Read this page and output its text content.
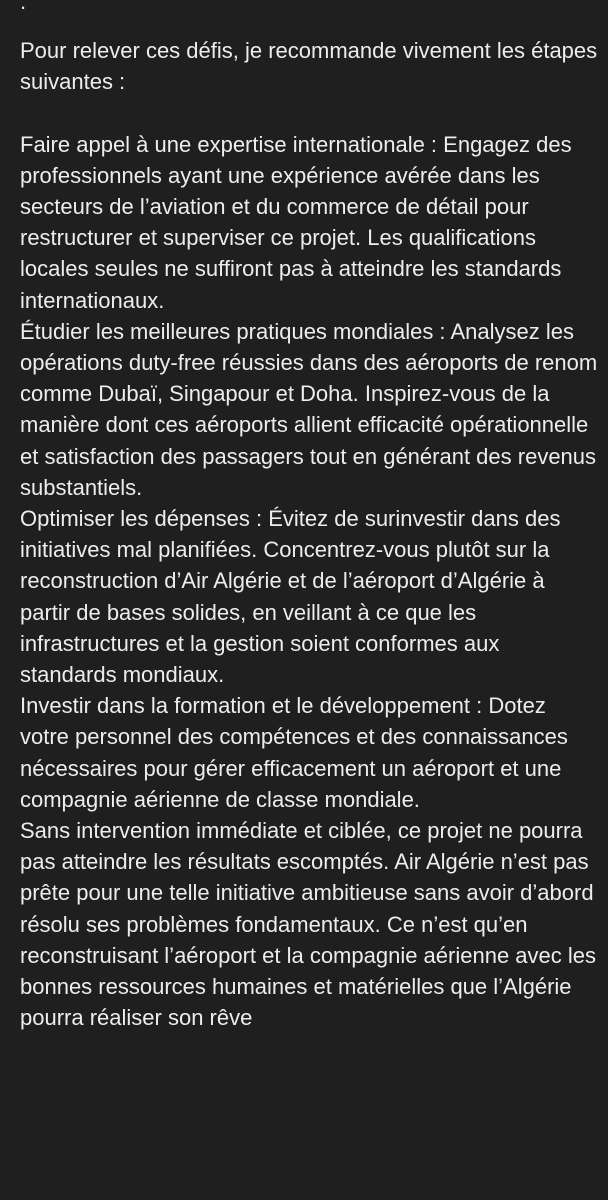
.

Pour relever ces défis, je recommande vivement les étapes suivantes :

Faire appel à une expertise internationale : Engagez des professionnels ayant une expérience avérée dans les secteurs de l’aviation et du commerce de détail pour restructurer et superviser ce projet. Les qualifications locales seules ne suffiront pas à atteindre les standards internationaux.

Étudier les meilleures pratiques mondiales : Analysez les opérations duty-free réussies dans des aéroports de renom comme Dubaï, Singapour et Doha. Inspirez-vous de la manière dont ces aéroports allient efficacité opérationnelle et satisfaction des passagers tout en générant des revenus substantiels.

Optimiser les dépenses : Évitez de surinvestir dans des initiatives mal planifiées. Concentrez-vous plutôt sur la reconstruction d’Air Algérie et de l’aéroport d’Algérie à partir de bases solides, en veillant à ce que les infrastructures et la gestion soient conformes aux standards mondiaux.

Investir dans la formation et le développement : Dotez votre personnel des compétences et des connaissances nécessaires pour gérer efficacement un aéroport et une compagnie aérienne de classe mondiale.

Sans intervention immédiate et ciblée, ce projet ne pourra pas atteindre les résultats escomptés. Air Algérie n’est pas prête pour une telle initiative ambitieuse sans avoir d’abord résolu ses problèmes fondamentaux. Ce n’est qu’en reconstruisant l’aéroport et la compagnie aérienne avec les bonnes ressources humaines et matérielles que l’Algérie pourra réaliser son rêve
